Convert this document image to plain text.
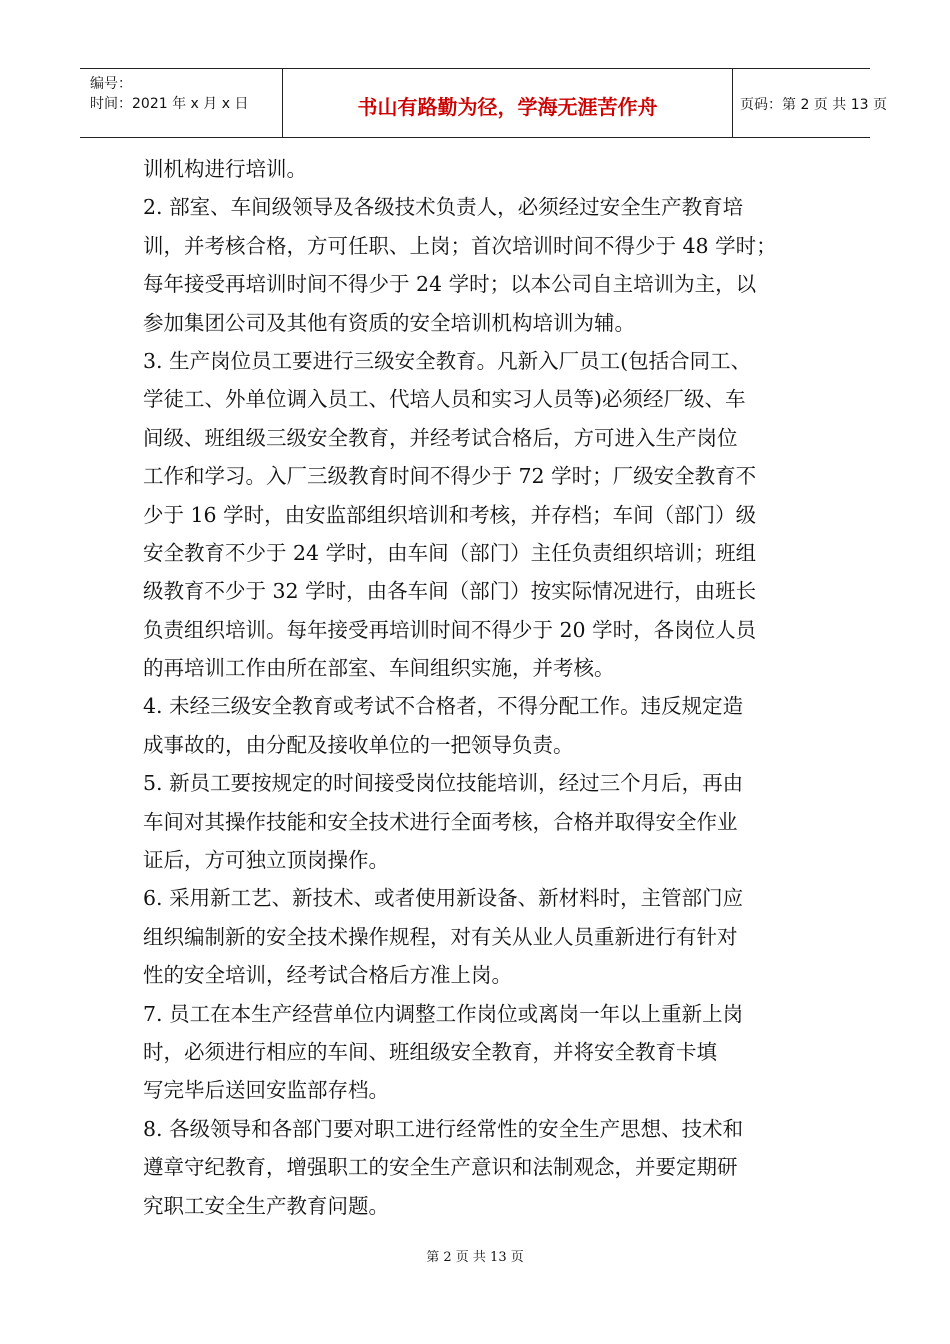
编号：
时间：2021 年 x 月 x 日	书山有路勤为径，学海无涯苦作舟	页码：第 2 页 共 13 页
训机构进行培训。
2. 部室、车间级领导及各级技术负责人，必须经过安全生产教育培
训，并考核合格，方可任职、上岗；首次培训时间不得少于 48 学时；
每年接受再培训时间不得少于 24 学时；以本公司自主培训为主，以
参加集团公司及其他有资质的安全培训机构培训为辅。
3. 生产岗位员工要进行三级安全教育。凡新入厂员工(包括合同工、
学徒工、外单位调入员工、代培人员和实习人员等)必须经厂级、车
间级、班组级三级安全教育，并经考试合格后，方可进入生产岗位
工作和学习。入厂三级教育时间不得少于 72 学时；厂级安全教育不
少于 16 学时，由安监部组织培训和考核，并存档；车间（部门）级
安全教育不少于 24 学时，由车间（部门）主任负责组织培训；班组
级教育不少于 32 学时，由各车间（部门）按实际情况进行，由班长
负责组织培训。每年接受再培训时间不得少于 20 学时，各岗位人员
的再培训工作由所在部室、车间组织实施，并考核。
4. 未经三级安全教育或考试不合格者，不得分配工作。违反规定造
成事故的，由分配及接收单位的一把领导负责。
5. 新员工要按规定的时间接受岗位技能培训，经过三个月后，再由
车间对其操作技能和安全技术进行全面考核，合格并取得安全作业
证后，方可独立顶岗操作。
6. 采用新工艺、新技术、或者使用新设备、新材料时，主管部门应
组织编制新的安全技术操作规程，对有关从业人员重新进行有针对
性的安全培训，经考试合格后方准上岗。
7. 员工在本生产经营单位内调整工作岗位或离岗一年以上重新上岗
时，必须进行相应的车间、班组级安全教育，并将安全教育卡填
写完毕后送回安监部存档。
8. 各级领导和各部门要对职工进行经常性的安全生产思想、技术和
遵章守纪教育，增强职工的安全生产意识和法制观念，并要定期研
究职工安全生产教育问题。
第 2 页 共 13 页
